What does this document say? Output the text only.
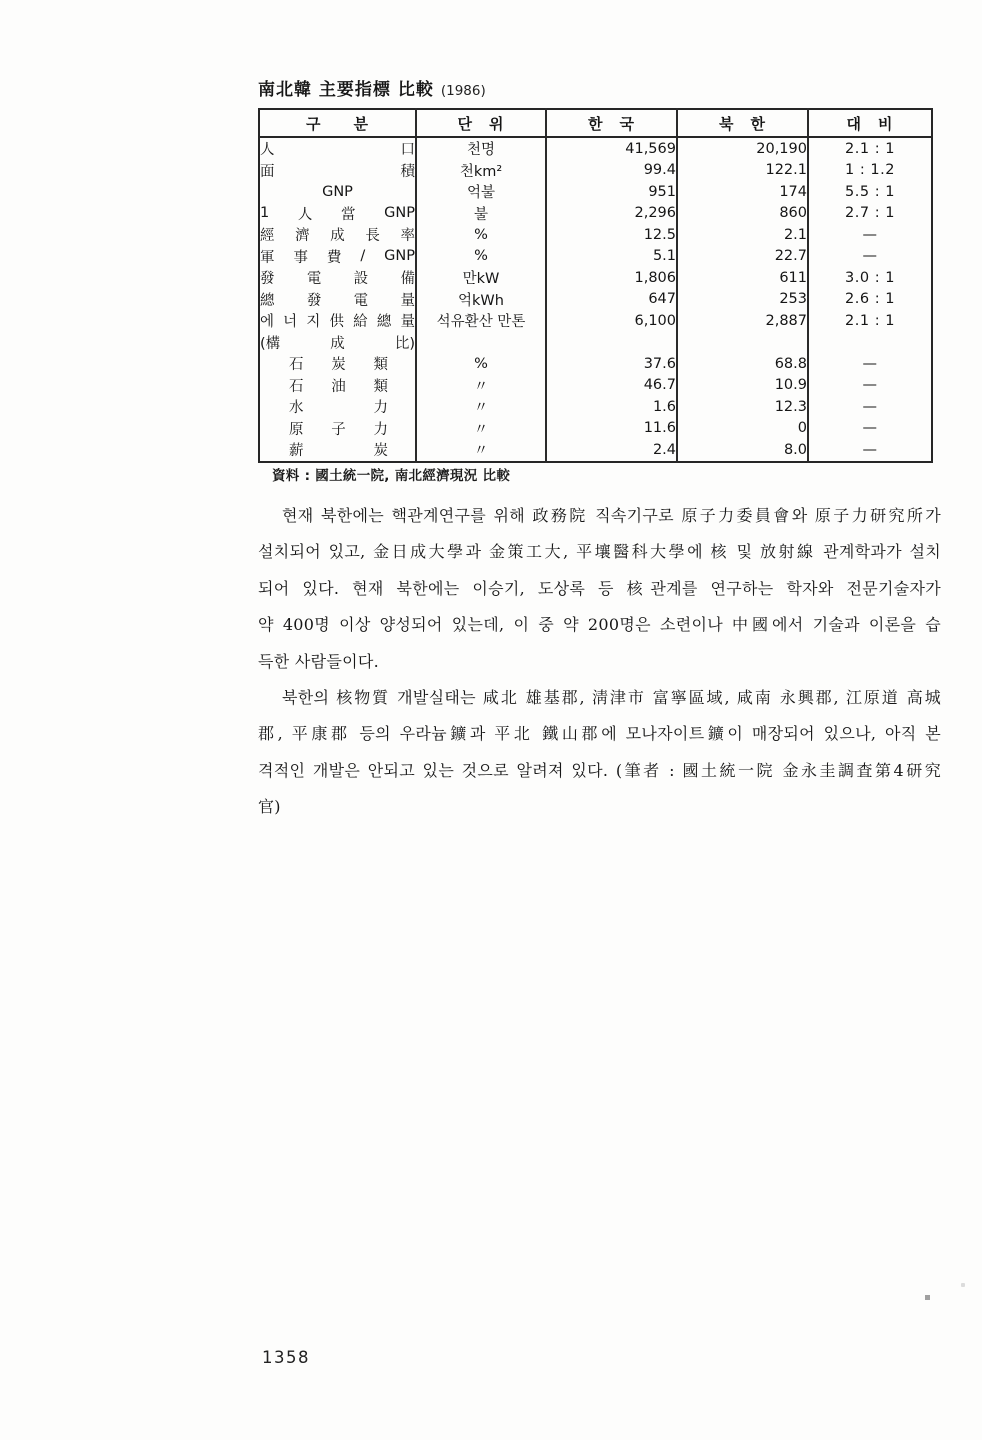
南北韓 主要指標 比較 (1986)
구　　분	단　위	한　국	북　한	대　비

人 口	천명	41,569	20,190	2.1 : 1

面 積	천km²	99.4	122.1	1 : 1.2

GNP	억불	951	174	5.5 : 1

1 人 當 GNP	불	2,296	860	2.7 : 1

經 濟 成 長 率	%	12.5	2.1	—

軍 事 費 / GNP	%	5.1	22.7	—

發 電 設 備	만kW	1,806	611	3.0 : 1

總 發 電 量	억kWh	647	253	2.6 : 1

에 너 지 供 給 總 量	석유환산 만톤	6,100	2,887	2.1 : 1

(構 成 比)				

石 炭 類	%	37.6	68.8	—

石 油 類	〃	46.7	10.9	—

水 力	〃	1.6	12.3	—

原 子 力	〃	11.6	0	—

薪 炭	〃	2.4	8.0	—
資料 : 國土統一院, 南北經濟現況 比較
현재 북한에는 핵관계연구를 위해 政務院 직속기구로 原子力委員會와 原子力研究所가
설치되어 있고, 金日成大學과 金策工大, 平壤醫科大學에 核 및 放射線 관계학과가 설치
되어 있다. 현재 북한에는 이승기, 도상록 등 核관계를 연구하는 학자와 전문기술자가
약 400명 이상 양성되어 있는데, 이 중 약 200명은 소련이나 中國에서 기술과 이론을 습
득한 사람들이다.
북한의 核物質 개발실태는 咸北 雄基郡, 淸津市 富寧區域, 咸南 永興郡, 江原道 高城
郡, 平康郡 등의 우라늄鑛과 平北 鐵山郡에 모나자이트鑛이 매장되어 있으나, 아직 본
격적인 개발은 안되고 있는 것으로 알려져 있다. (筆者 : 國土統一院 金永圭調査第4研究
官)
1358
